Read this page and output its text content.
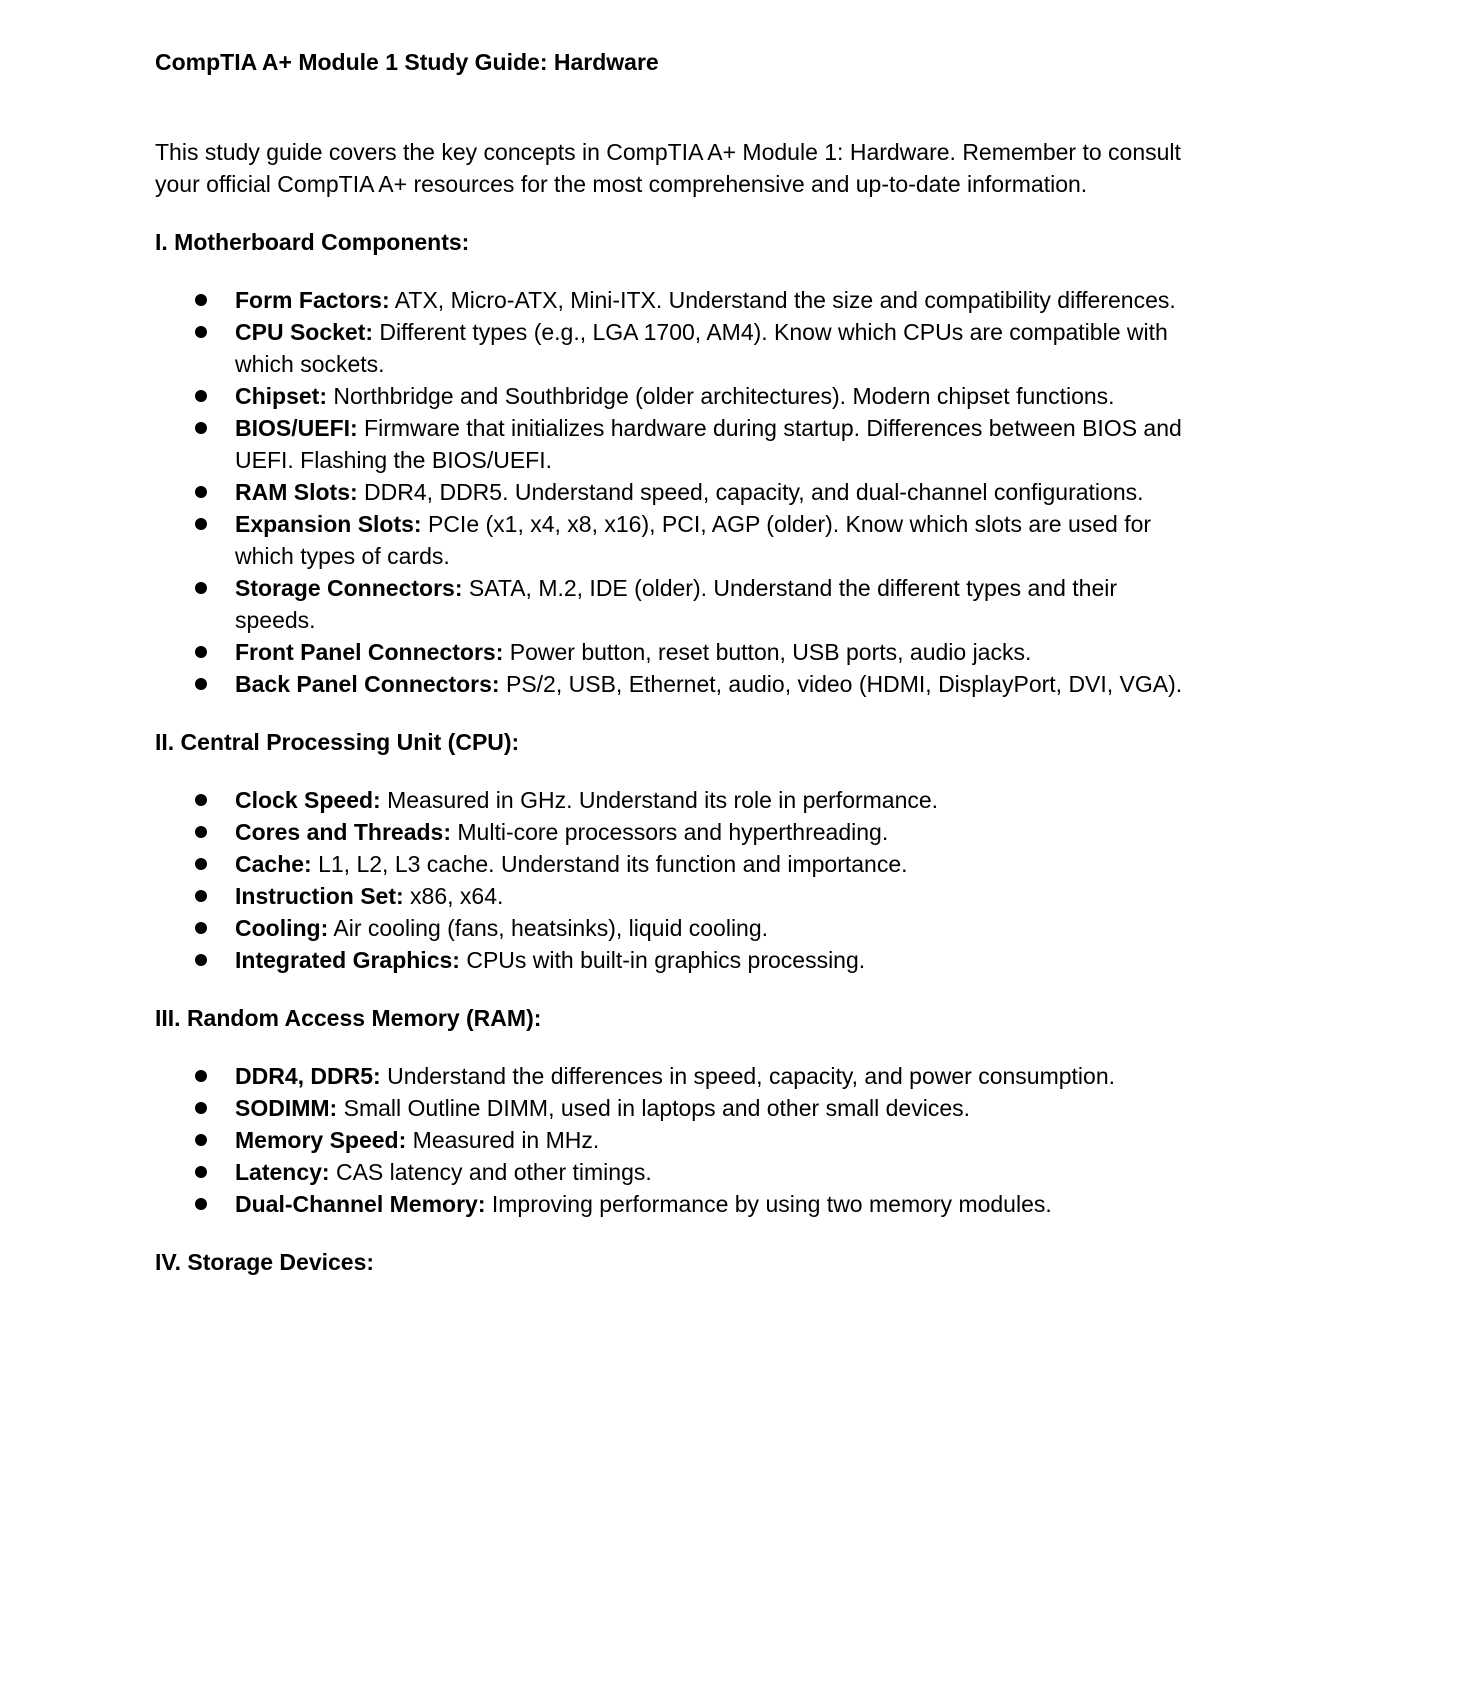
CompTIA A+ Module 1 Study Guide: Hardware

This study guide covers the key concepts in CompTIA A+ Module 1: Hardware. Remember to consult your official CompTIA A+ resources for the most comprehensive and up-to-date information.

I. Motherboard Components:

Form Factors: ATX, Micro-ATX, Mini-ITX. Understand the size and compatibility differences.
CPU Socket: Different types (e.g., LGA 1700, AM4). Know which CPUs are compatible with which sockets.
Chipset: Northbridge and Southbridge (older architectures). Modern chipset functions.
BIOS/UEFI: Firmware that initializes hardware during startup. Differences between BIOS and UEFI. Flashing the BIOS/UEFI.
RAM Slots: DDR4, DDR5. Understand speed, capacity, and dual-channel configurations.
Expansion Slots: PCIe (x1, x4, x8, x16), PCI, AGP (older). Know which slots are used for which types of cards.
Storage Connectors: SATA, M.2, IDE (older). Understand the different types and their speeds.
Front Panel Connectors: Power button, reset button, USB ports, audio jacks.
Back Panel Connectors: PS/2, USB, Ethernet, audio, video (HDMI, DisplayPort, DVI, VGA).

II. Central Processing Unit (CPU):

Clock Speed: Measured in GHz. Understand its role in performance.
Cores and Threads: Multi-core processors and hyperthreading.
Cache: L1, L2, L3 cache. Understand its function and importance.
Instruction Set: x86, x64.
Cooling: Air cooling (fans, heatsinks), liquid cooling.
Integrated Graphics: CPUs with built-in graphics processing.

III. Random Access Memory (RAM):

DDR4, DDR5: Understand the differences in speed, capacity, and power consumption.
SODIMM: Small Outline DIMM, used in laptops and other small devices.
Memory Speed: Measured in MHz.
Latency: CAS latency and other timings.
Dual-Channel Memory: Improving performance by using two memory modules.

IV. Storage Devices:
